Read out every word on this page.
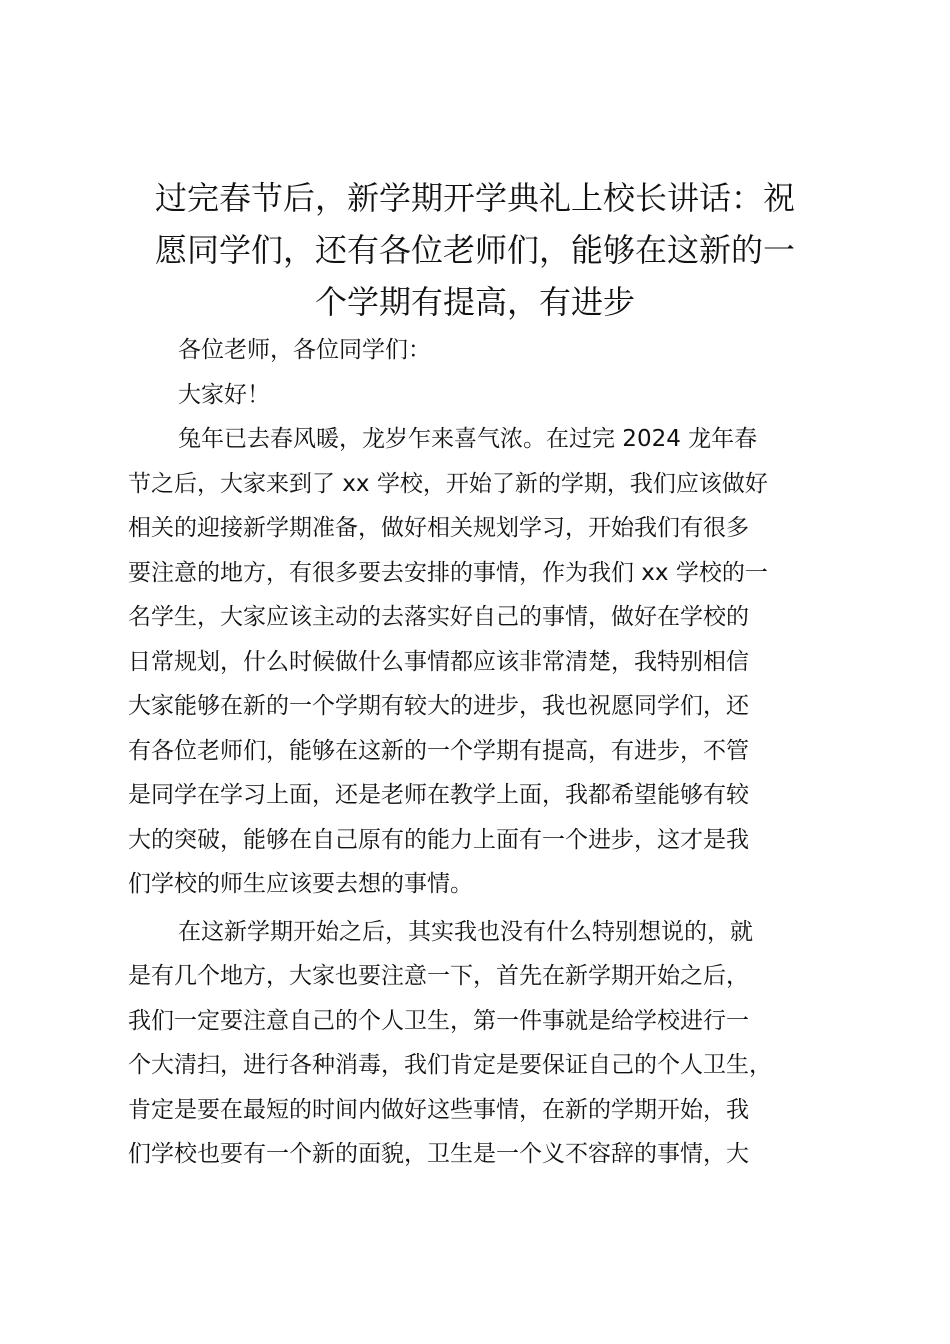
过完春节后，新学期开学典礼上校长讲话：祝
愿同学们，还有各位老师们，能够在这新的一
个学期有提高，有进步
各位老师，各位同学们：
大家好！
兔年已去春风暖，龙岁乍来喜气浓。在过完 2024 龙年春
节之后，大家来到了 xx 学校，开始了新的学期，我们应该做好
相关的迎接新学期准备，做好相关规划学习，开始我们有很多
要注意的地方，有很多要去安排的事情，作为我们 xx 学校的一
名学生，大家应该主动的去落实好自己的事情，做好在学校的
日常规划，什么时候做什么事情都应该非常清楚，我特别相信
大家能够在新的一个学期有较大的进步，我也祝愿同学们，还
有各位老师们，能够在这新的一个学期有提高，有进步，不管
是同学在学习上面，还是老师在教学上面，我都希望能够有较
大的突破，能够在自己原有的能力上面有一个进步，这才是我
们学校的师生应该要去想的事情。
在这新学期开始之后，其实我也没有什么特别想说的，就
是有几个地方，大家也要注意一下，首先在新学期开始之后，
我们一定要注意自己的个人卫生，第一件事就是给学校进行一
个大清扫，进行各种消毒，我们肯定是要保证自己的个人卫生，
肯定是要在最短的时间内做好这些事情，在新的学期开始，我
们学校也要有一个新的面貌，卫生是一个义不容辞的事情，大
